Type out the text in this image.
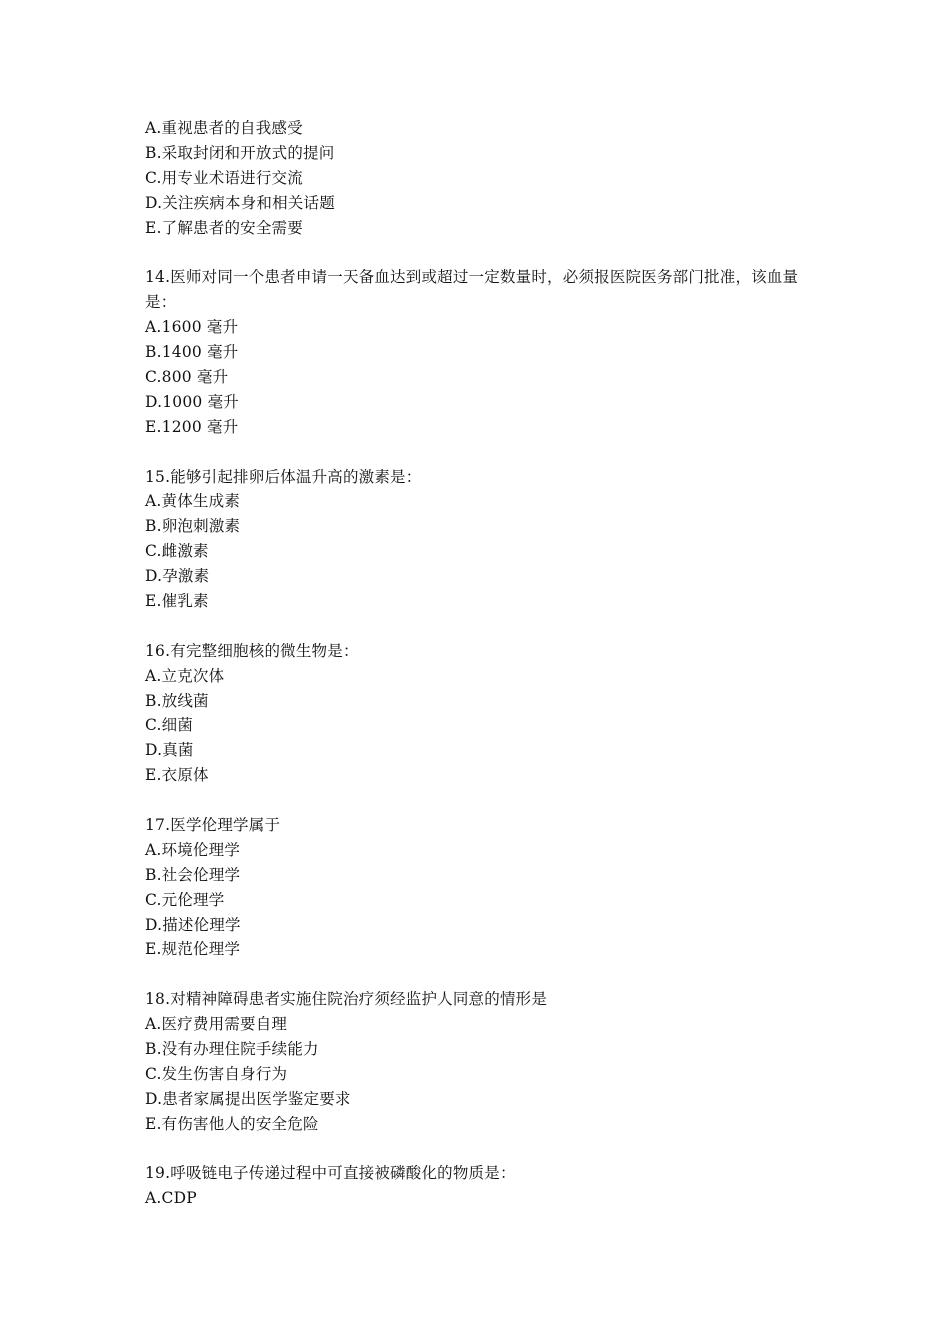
A.重视患者的自我感受
B.采取封闭和开放式的提问
C.用专业术语进行交流
D.关注疾病本身和相关话题
E.了解患者的安全需要
14.医师对同一个患者申请一天备血达到或超过一定数量时，必须报医院医务部门批准，该血量是：
A.1600 毫升
B.1400 毫升
C.800 毫升
D.1000 毫升
E.1200 毫升
15.能够引起排卵后体温升高的激素是：
A.黄体生成素
B.卵泡刺激素
C.雌激素
D.孕激素
E.催乳素
16.有完整细胞核的微生物是：
A.立克次体
B.放线菌
C.细菌
D.真菌
E.衣原体
17.医学伦理学属于
A.环境伦理学
B.社会伦理学
C.元伦理学
D.描述伦理学
E.规范伦理学
18.对精神障碍患者实施住院治疗须经监护人同意的情形是
A.医疗费用需要自理
B.没有办理住院手续能力
C.发生伤害自身行为
D.患者家属提出医学鉴定要求
E.有伤害他人的安全危险
19.呼吸链电子传递过程中可直接被磷酸化的物质是：
A.CDP
